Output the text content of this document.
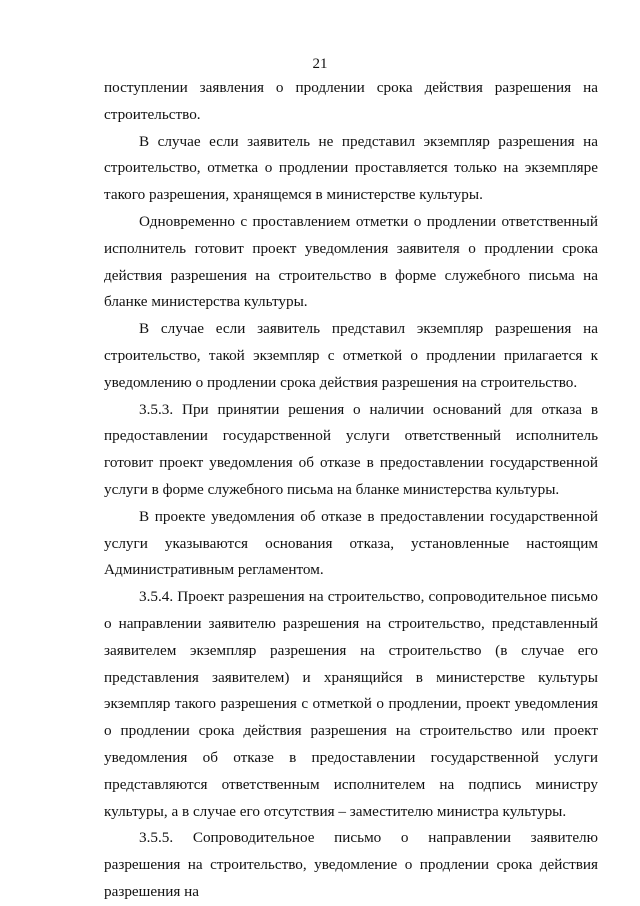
21

поступлении заявления о продлении срока действия разрешения на строительство.

В случае если заявитель не представил экземпляр разрешения на строительство, отметка о продлении проставляется только на экземпляре такого разрешения, хранящемся в министерстве культуры.

Одновременно с проставлением отметки о продлении ответственный исполнитель готовит проект уведомления заявителя о продлении срока действия разрешения на строительство в форме служебного письма на бланке министерства культуры.

В случае если заявитель представил экземпляр разрешения на строительство, такой экземпляр с отметкой о продлении прилагается к уведомлению о продлении срока действия разрешения на строительство.

3.5.3. При принятии решения о наличии оснований для отказа в предоставлении государственной услуги ответственный исполнитель готовит проект уведомления об отказе в предоставлении государственной услуги в форме служебного письма на бланке министерства культуры.

В проекте уведомления об отказе в предоставлении государственной услуги указываются основания отказа, установленные настоящим Административным регламентом.

3.5.4. Проект разрешения на строительство, сопроводительное письмо о направлении заявителю разрешения на строительство, представленный заявителем экземпляр разрешения на строительство (в случае его представления заявителем) и хранящийся в министерстве культуры экземпляр такого разрешения с отметкой о продлении, проект уведомления о продлении срока действия разрешения на строительство или проект уведомления об отказе в предоставлении государственной услуги представляются ответственным исполнителем на подпись министру культуры, а в случае его отсутствия – заместителю министра культуры.

3.5.5. Сопроводительное письмо о направлении заявителю разрешения на строительство, уведомление о продлении срока действия разрешения на
